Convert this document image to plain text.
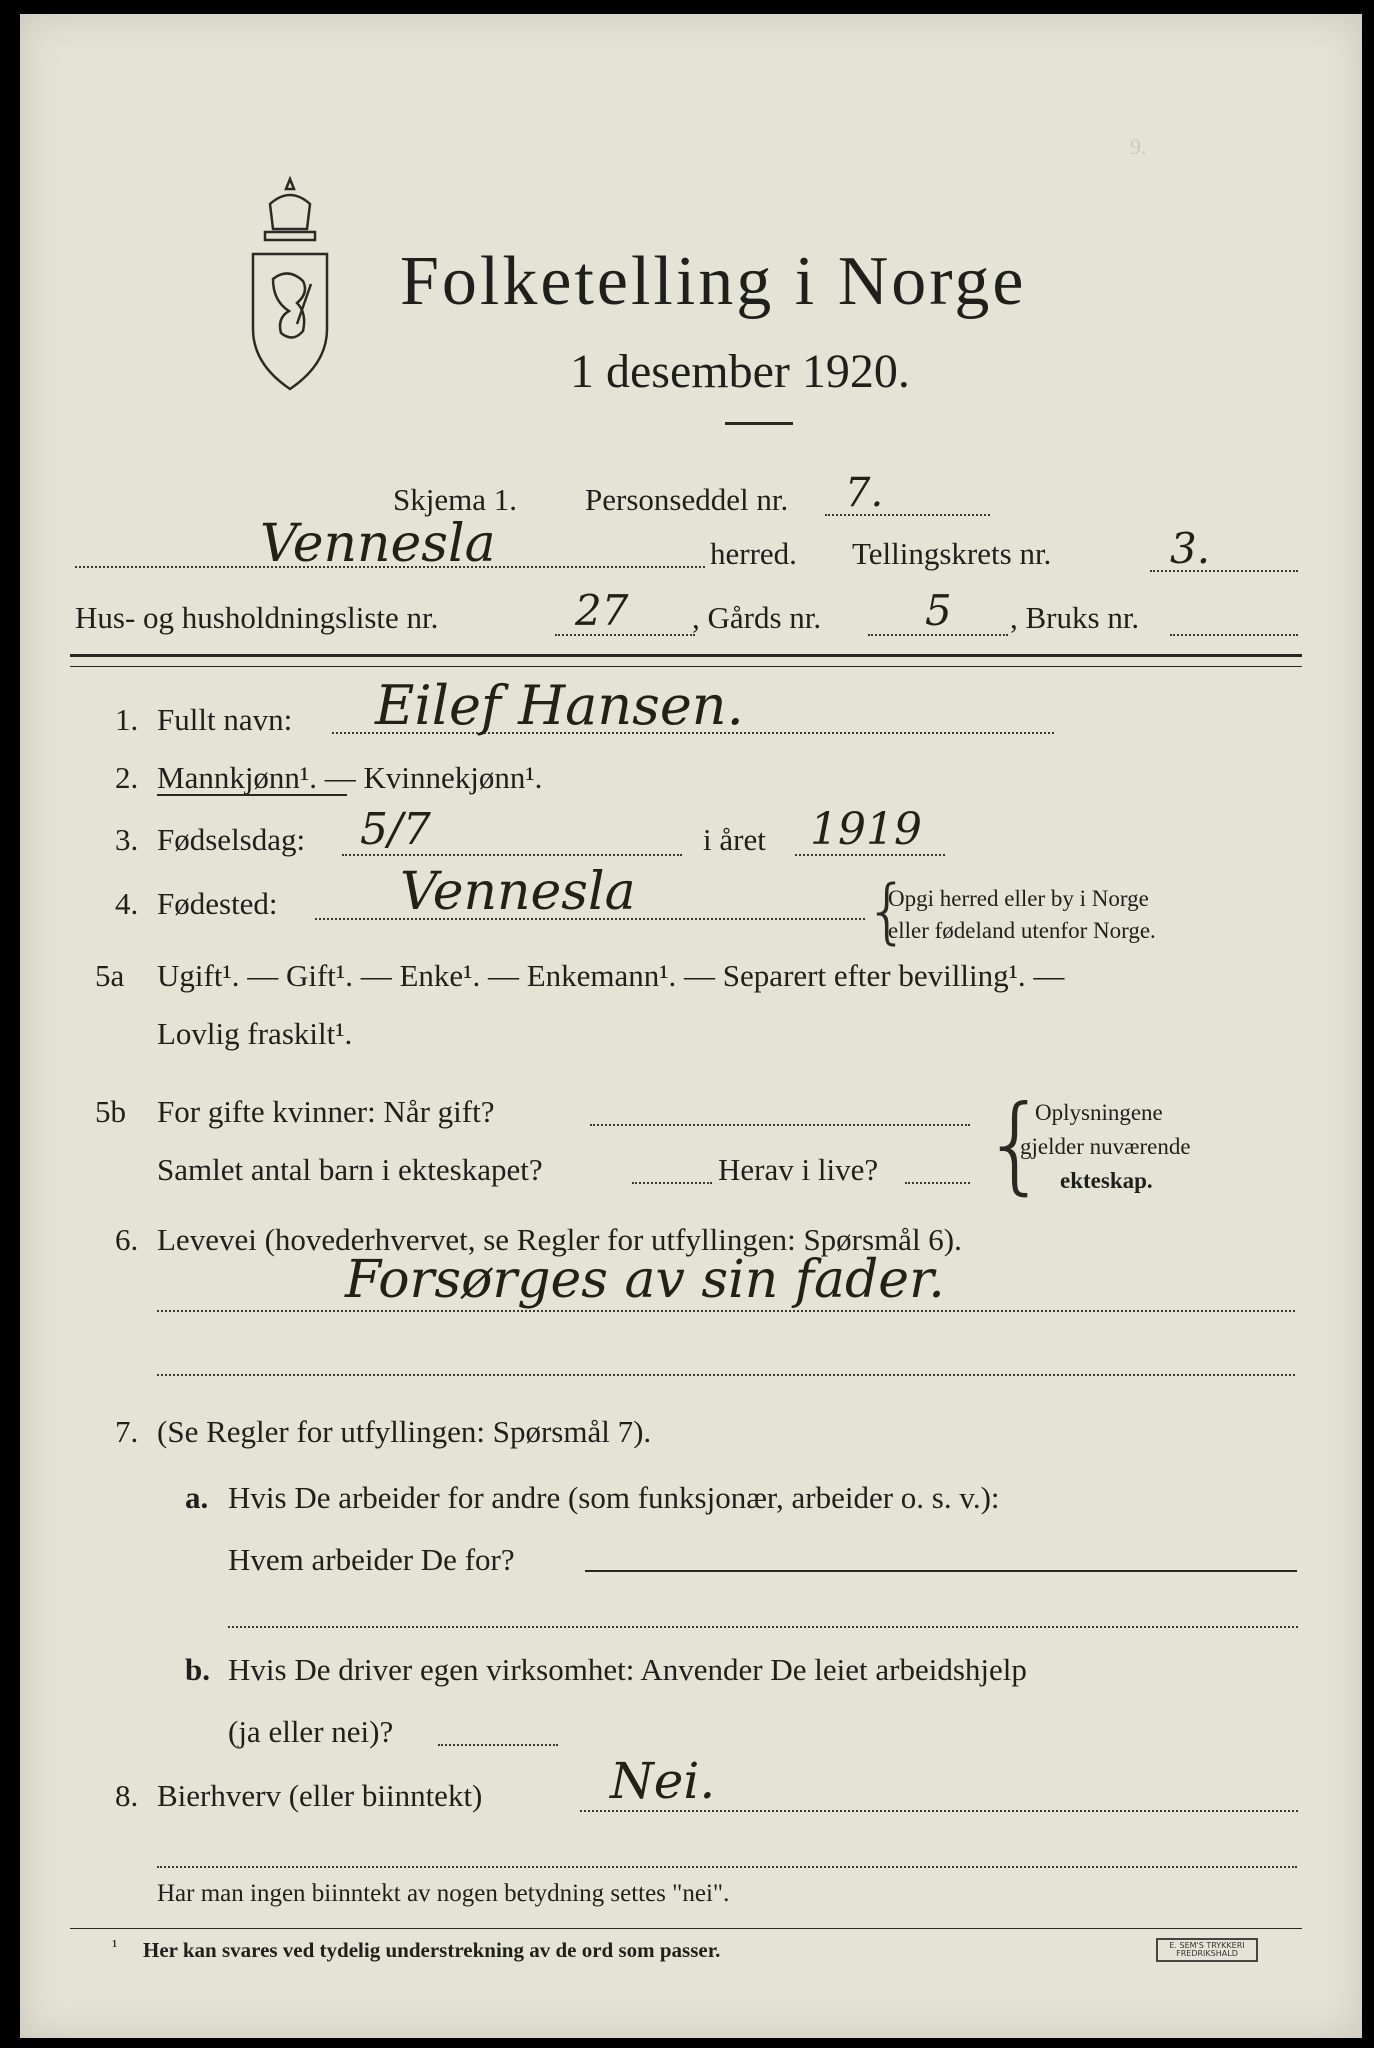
9.
Folketelling i Norge
1 desember 1920.
Skjema 1. Personseddel nr. 7.
Vennesla	herred. Tellingskrets nr.	3.
Hus- og husholdningsliste nr.	27 , Gårds nr. 5 , Bruks nr.
1. Fullt navn: Eilef Hansen.
2. Mannkjønn¹. — Kvinnekjønn¹.
3. Fødselsdag: 5/7	i året 1919
4. Fødested: Vennesla	{
Opgi herred eller by i Norge
eller fødeland utenfor Norge.
5a Ugift¹. — Gift¹. — Enke¹. — Enkemann¹. — Separert efter bevilling¹. —
Lovlig fraskilt¹.
5b For gifte kvinner: Når gift?
Samlet antal barn i ekteskapet?	Herav i live? {
Oplysningene
gjelder nuværende
ekteskap.
6. Levevei (hovederhvervet, se Regler for utfyllingen: Spørsmål 6).
Forsørges av sin fader.
7. (Se Regler for utfyllingen: Spørsmål 7).
a. Hvis De arbeider for andre (som funksjonær, arbeider o. s. v.):
Hvem arbeider De for?
b. Hvis De driver egen virksomhet: Anvender De leiet arbeidshjelp
(ja eller nei)?
8. Bierhverv (eller biinntekt)	Nei.
Har man ingen biinntekt av nogen betydning settes "nei".
¹ Her kan svares ved tydelig understrekning av de ord som passer.	E. SEM'S TRYKKERI FREDRIKSHALD
